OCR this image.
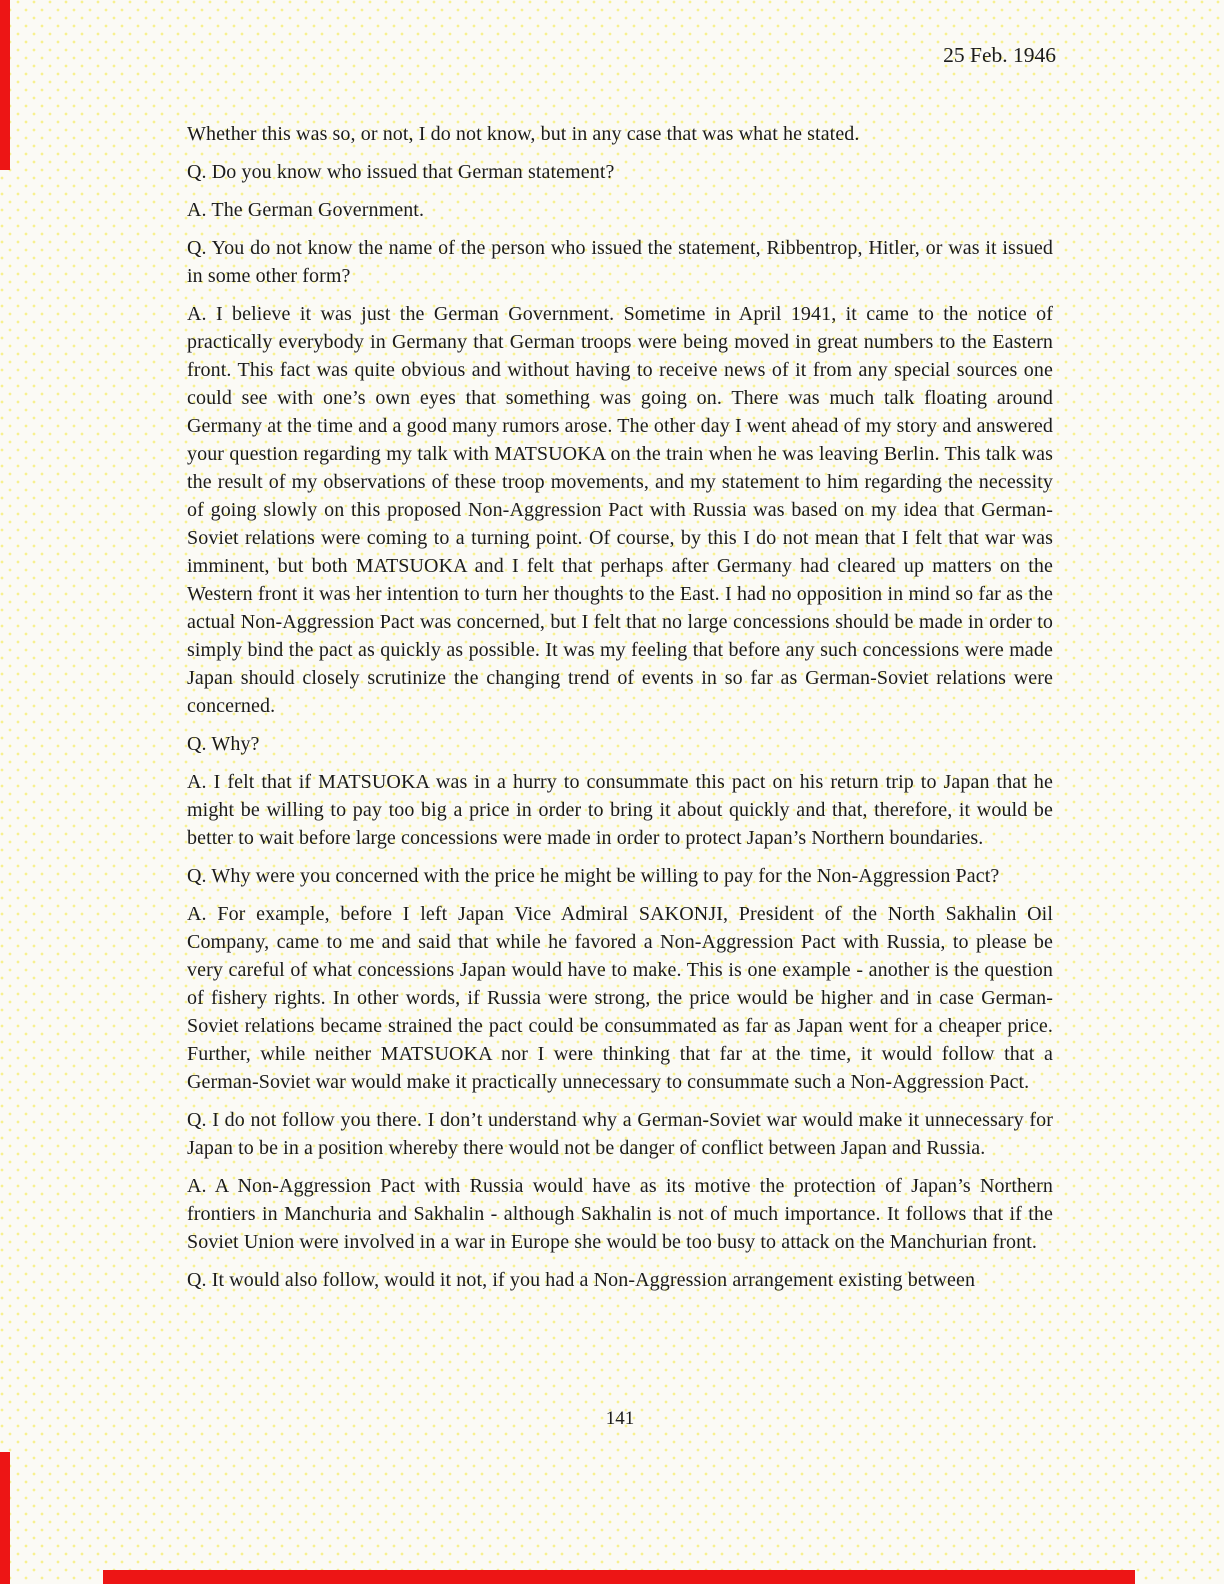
25 Feb. 1946

Whether this was so, or not, I do not know, but in any case that was what he stated.

Q. Do you know who issued that German statement?

A. The German Government.

Q. You do not know the name of the person who issued the statement, Ribbentrop, Hitler, or was it issued in some other form?

A. I believe it was just the German Government. Sometime in April 1941, it came to the notice of practically everybody in Germany that German troops were being moved in great numbers to the Eastern front. This fact was quite obvious and without having to receive news of it from any special sources one could see with one’s own eyes that something was going on. There was much talk floating around Germany at the time and a good many rumors arose. The other day I went ahead of my story and answered your question regarding my talk with MATSUOKA on the train when he was leaving Berlin. This talk was the result of my observations of these troop movements, and my statement to him regarding the necessity of going slowly on this proposed Non-Aggression Pact with Russia was based on my idea that German-Soviet relations were coming to a turning point. Of course, by this I do not mean that I felt that war was imminent, but both MATSUOKA and I felt that perhaps after Germany had cleared up matters on the Western front it was her intention to turn her thoughts to the East. I had no opposition in mind so far as the actual Non-Aggression Pact was concerned, but I felt that no large concessions should be made in order to simply bind the pact as quickly as possible. It was my feeling that before any such concessions were made Japan should closely scrutinize the changing trend of events in so far as German-Soviet relations were concerned.

Q. Why?

A. I felt that if MATSUOKA was in a hurry to consummate this pact on his return trip to Japan that he might be willing to pay too big a price in order to bring it about quickly and that, therefore, it would be better to wait before large concessions were made in order to protect Japan’s Northern boundaries.

Q. Why were you concerned with the price he might be willing to pay for the Non-Aggression Pact?

A. For example, before I left Japan Vice Admiral SAKONJI, President of the North Sakhalin Oil Company, came to me and said that while he favored a Non-Aggression Pact with Russia, to please be very careful of what concessions Japan would have to make. This is one example - another is the question of fishery rights. In other words, if Russia were strong, the price would be higher and in case German-Soviet relations became strained the pact could be consummated as far as Japan went for a cheaper price. Further, while neither MATSUOKA nor I were thinking that far at the time, it would follow that a German-Soviet war would make it practically unnecessary to consummate such a Non-Aggression Pact.

Q. I do not follow you there. I don’t understand why a German-Soviet war would make it unnecessary for Japan to be in a position whereby there would not be danger of conflict between Japan and Russia.

A. A Non-Aggression Pact with Russia would have as its motive the protection of Japan’s Northern frontiers in Manchuria and Sakhalin - although Sakhalin is not of much importance. It follows that if the Soviet Union were involved in a war in Europe she would be too busy to attack on the Manchurian front.

Q. It would also follow, would it not, if you had a Non-Aggression arrangement existing between

141
